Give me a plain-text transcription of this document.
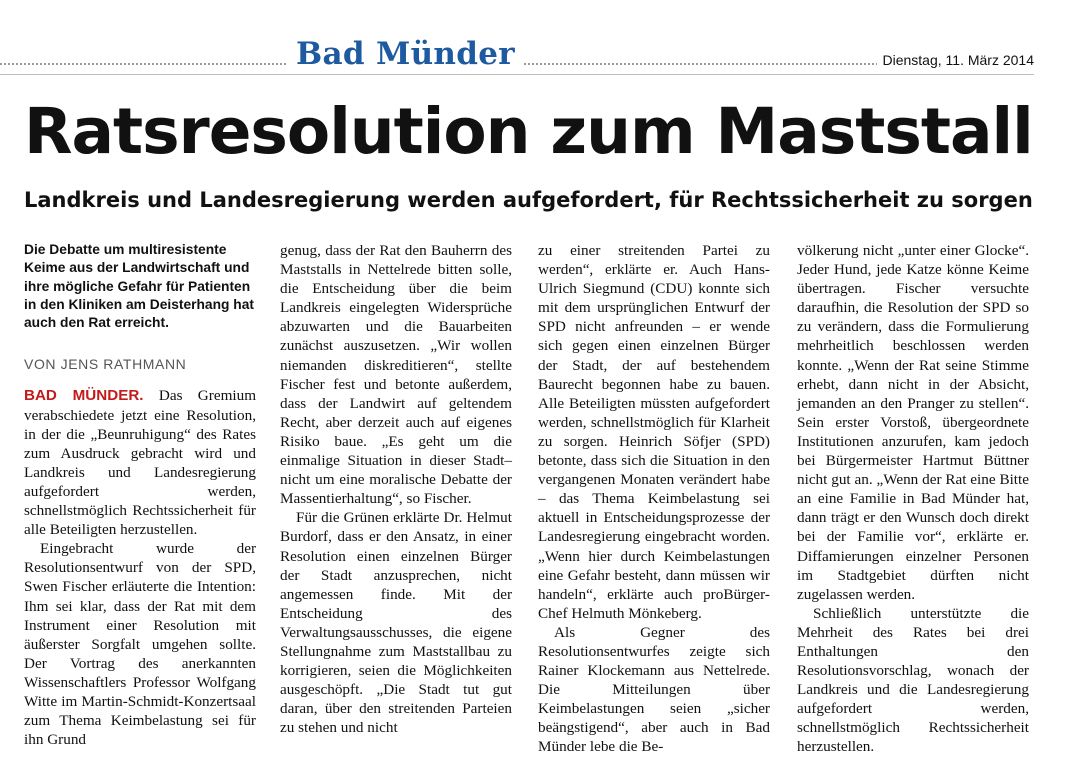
Bad Münder	Dienstag, 11. März 2014
Ratsresolution zum Maststall
Landkreis und Landesregierung werden aufgefordert, für Rechtssicherheit zu sorgen

Die Debatte um multiresistente Keime aus der Landwirtschaft und ihre mögliche Gefahr für Patienten in den Kliniken am Deisterhang hat auch den Rat erreicht.

VON JENS RATHMANN

BAD MÜNDER. Das Gremium verabschiedete jetzt eine Resolution, in der die „Beunruhigung“ des Rates zum Ausdruck gebracht wird und Landkreis und Landesregierung aufgefordert werden, schnellstmöglich Rechtssicherheit für alle Beteiligten herzustellen.

Eingebracht wurde der Resolutionsentwurf von der SPD, Swen Fischer erläuterte die Intention: Ihm sei klar, dass der Rat mit dem Instrument einer Resolution mit äußerster Sorgfalt umgehen sollte. Der Vortrag des anerkannten Wissenschaftlers Professor Wolfgang Witte im Martin-Schmidt-Konzertsaal zum Thema Keimbelastung sei für ihn Grund

genug, dass der Rat den Bauherrn des Maststalls in Nettelrede bitten solle, die Entscheidung über die beim Landkreis eingelegten Widersprüche abzuwarten und die Bauarbeiten zunächst auszusetzen. „Wir wollen niemanden diskreditieren“, stellte Fischer fest und betonte außerdem, dass der Landwirt auf geltendem Recht, aber derzeit auch auf eigenes Risiko baue. „Es geht um die einmalige Situation in dieser Stadt– nicht um eine moralische Debatte der Massentierhaltung“, so Fischer.

Für die Grünen erklärte Dr. Helmut Burdorf, dass er den Ansatz, in einer Resolution einen einzelnen Bürger der Stadt anzusprechen, nicht angemessen finde. Mit der Entscheidung des Verwaltungsausschusses, die eigene Stellungnahme zum Maststallbau zu korrigieren, seien die Möglichkeiten ausgeschöpft. „Die Stadt tut gut daran, über den streitenden Parteien zu stehen und nicht

zu einer streitenden Partei zu werden“, erklärte er. Auch Hans-Ulrich Siegmund (CDU) konnte sich mit dem ursprünglichen Entwurf der SPD nicht anfreunden – er wende sich gegen einen einzelnen Bürger der Stadt, der auf bestehendem Baurecht begonnen habe zu bauen. Alle Beteiligten müssten aufgefordert werden, schnellstmöglich für Klarheit zu sorgen. Heinrich Söfjer (SPD) betonte, dass sich die Situation in den vergangenen Monaten verändert habe – das Thema Keimbelastung sei aktuell in Entscheidungsprozesse der Landesregierung eingebracht worden. „Wenn hier durch Keimbelastungen eine Gefahr besteht, dann müssen wir handeln“, erklärte auch proBürger-Chef Helmuth Mönkeberg.

Als Gegner des Resolutionsentwurfes zeigte sich Rainer Klockemann aus Nettelrede. Die Mitteilungen über Keimbelastungen seien „sicher beängstigend“, aber auch in Bad Münder lebe die Be-

völkerung nicht „unter einer Glocke“. Jeder Hund, jede Katze könne Keime übertragen. Fischer versuchte daraufhin, die Resolution der SPD so zu verändern, dass die Formulierung mehrheitlich beschlossen werden konnte. „Wenn der Rat seine Stimme erhebt, dann nicht in der Absicht, jemanden an den Pranger zu stellen“. Sein erster Vorstoß, übergeordnete Institutionen anzurufen, kam jedoch bei Bürgermeister Hartmut Büttner nicht gut an. „Wenn der Rat eine Bitte an eine Familie in Bad Münder hat, dann trägt er den Wunsch doch direkt bei der Familie vor“, erklärte er. Diffamierungen einzelner Personen im Stadtgebiet dürften nicht zugelassen werden.

Schließlich unterstützte die Mehrheit des Rates bei drei Enthaltungen den Resolutionsvorschlag, wonach der Landkreis und die Landesregierung aufgefordert werden, schnellstmöglich Rechtssicherheit herzustellen.
